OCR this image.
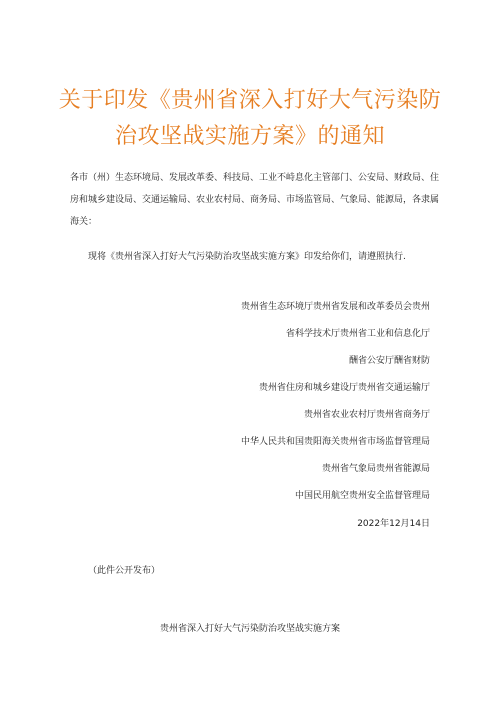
关于印发《贵州省深入打好大气污染防
治攻坚战实施方案》的通知
各市（州）生态环境局、发展改革委、科技局、工业不峙息化主管部门、公安局、财政局、住房和城乡建设局、交通运输局、农业农村局、商务局、市场监管局、气象局、能源局，各隶属海关：
现将《贵州省深入打好大气污染防治攻坚战实施方案》印发给你们，请遵照执行.
贵州省生态环境厅贵州省发展和改革委员会贵州
省科学技术厅贵州省工业和信息化厅
酬省公安厅酬省财防
贵州省住房和城乡建设厅贵州省交通运输厅
贵州省农业农村厅贵州省商务厅
中华人民共和国贵阳海关贵州省市场监督管理局
贵州省气象局贵州省能源局
中国民用航空贵州安全监督管理局
2022年12月14日
（此件公开发布）
贵州省深入打好大气污染防治攻坚战实施方案
